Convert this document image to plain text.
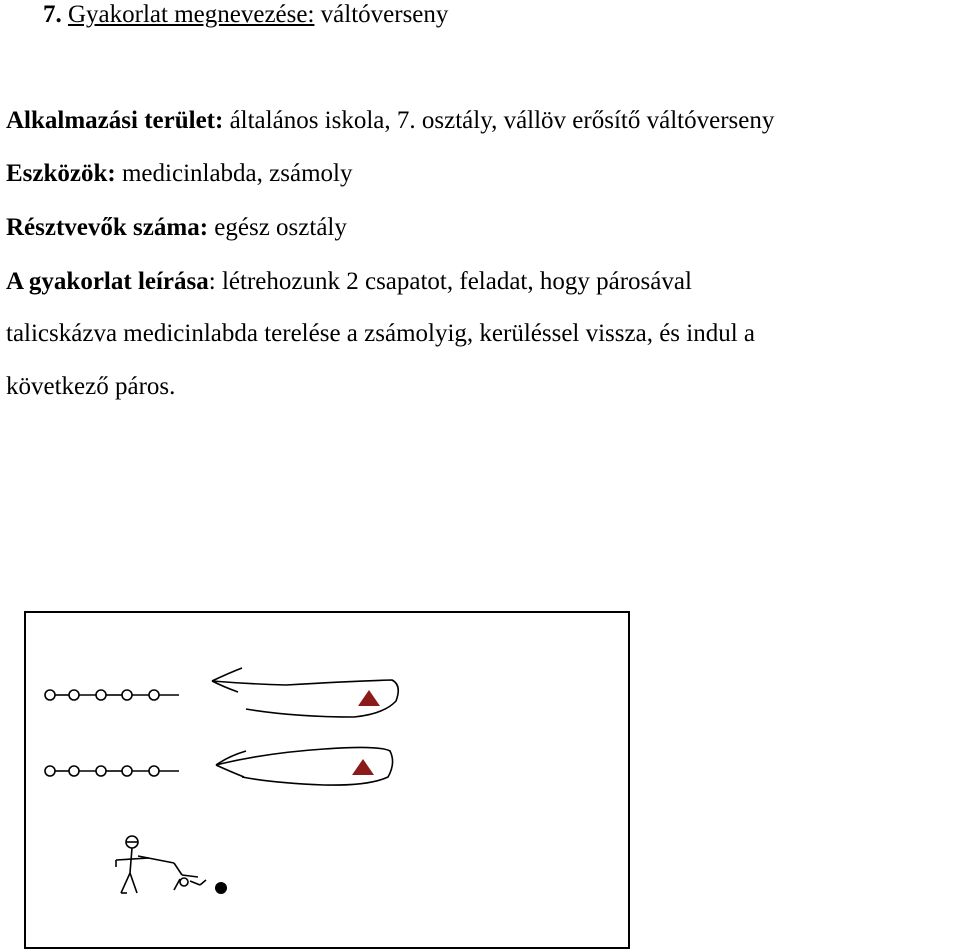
7. Gyakorlat megnevezése: váltóverseny

Alkalmazási terület: általános iskola, 7. osztály, vállöv erősítő váltóverseny

Eszközök: medicinlabda, zsámoly

Résztvevők száma: egész osztály

A gyakorlat leírása: létrehozunk 2 csapatot, feladat, hogy párosával

talicskázva medicinlabda terelése a zsámolyig, kerüléssel vissza, és indul a

következő páros.
